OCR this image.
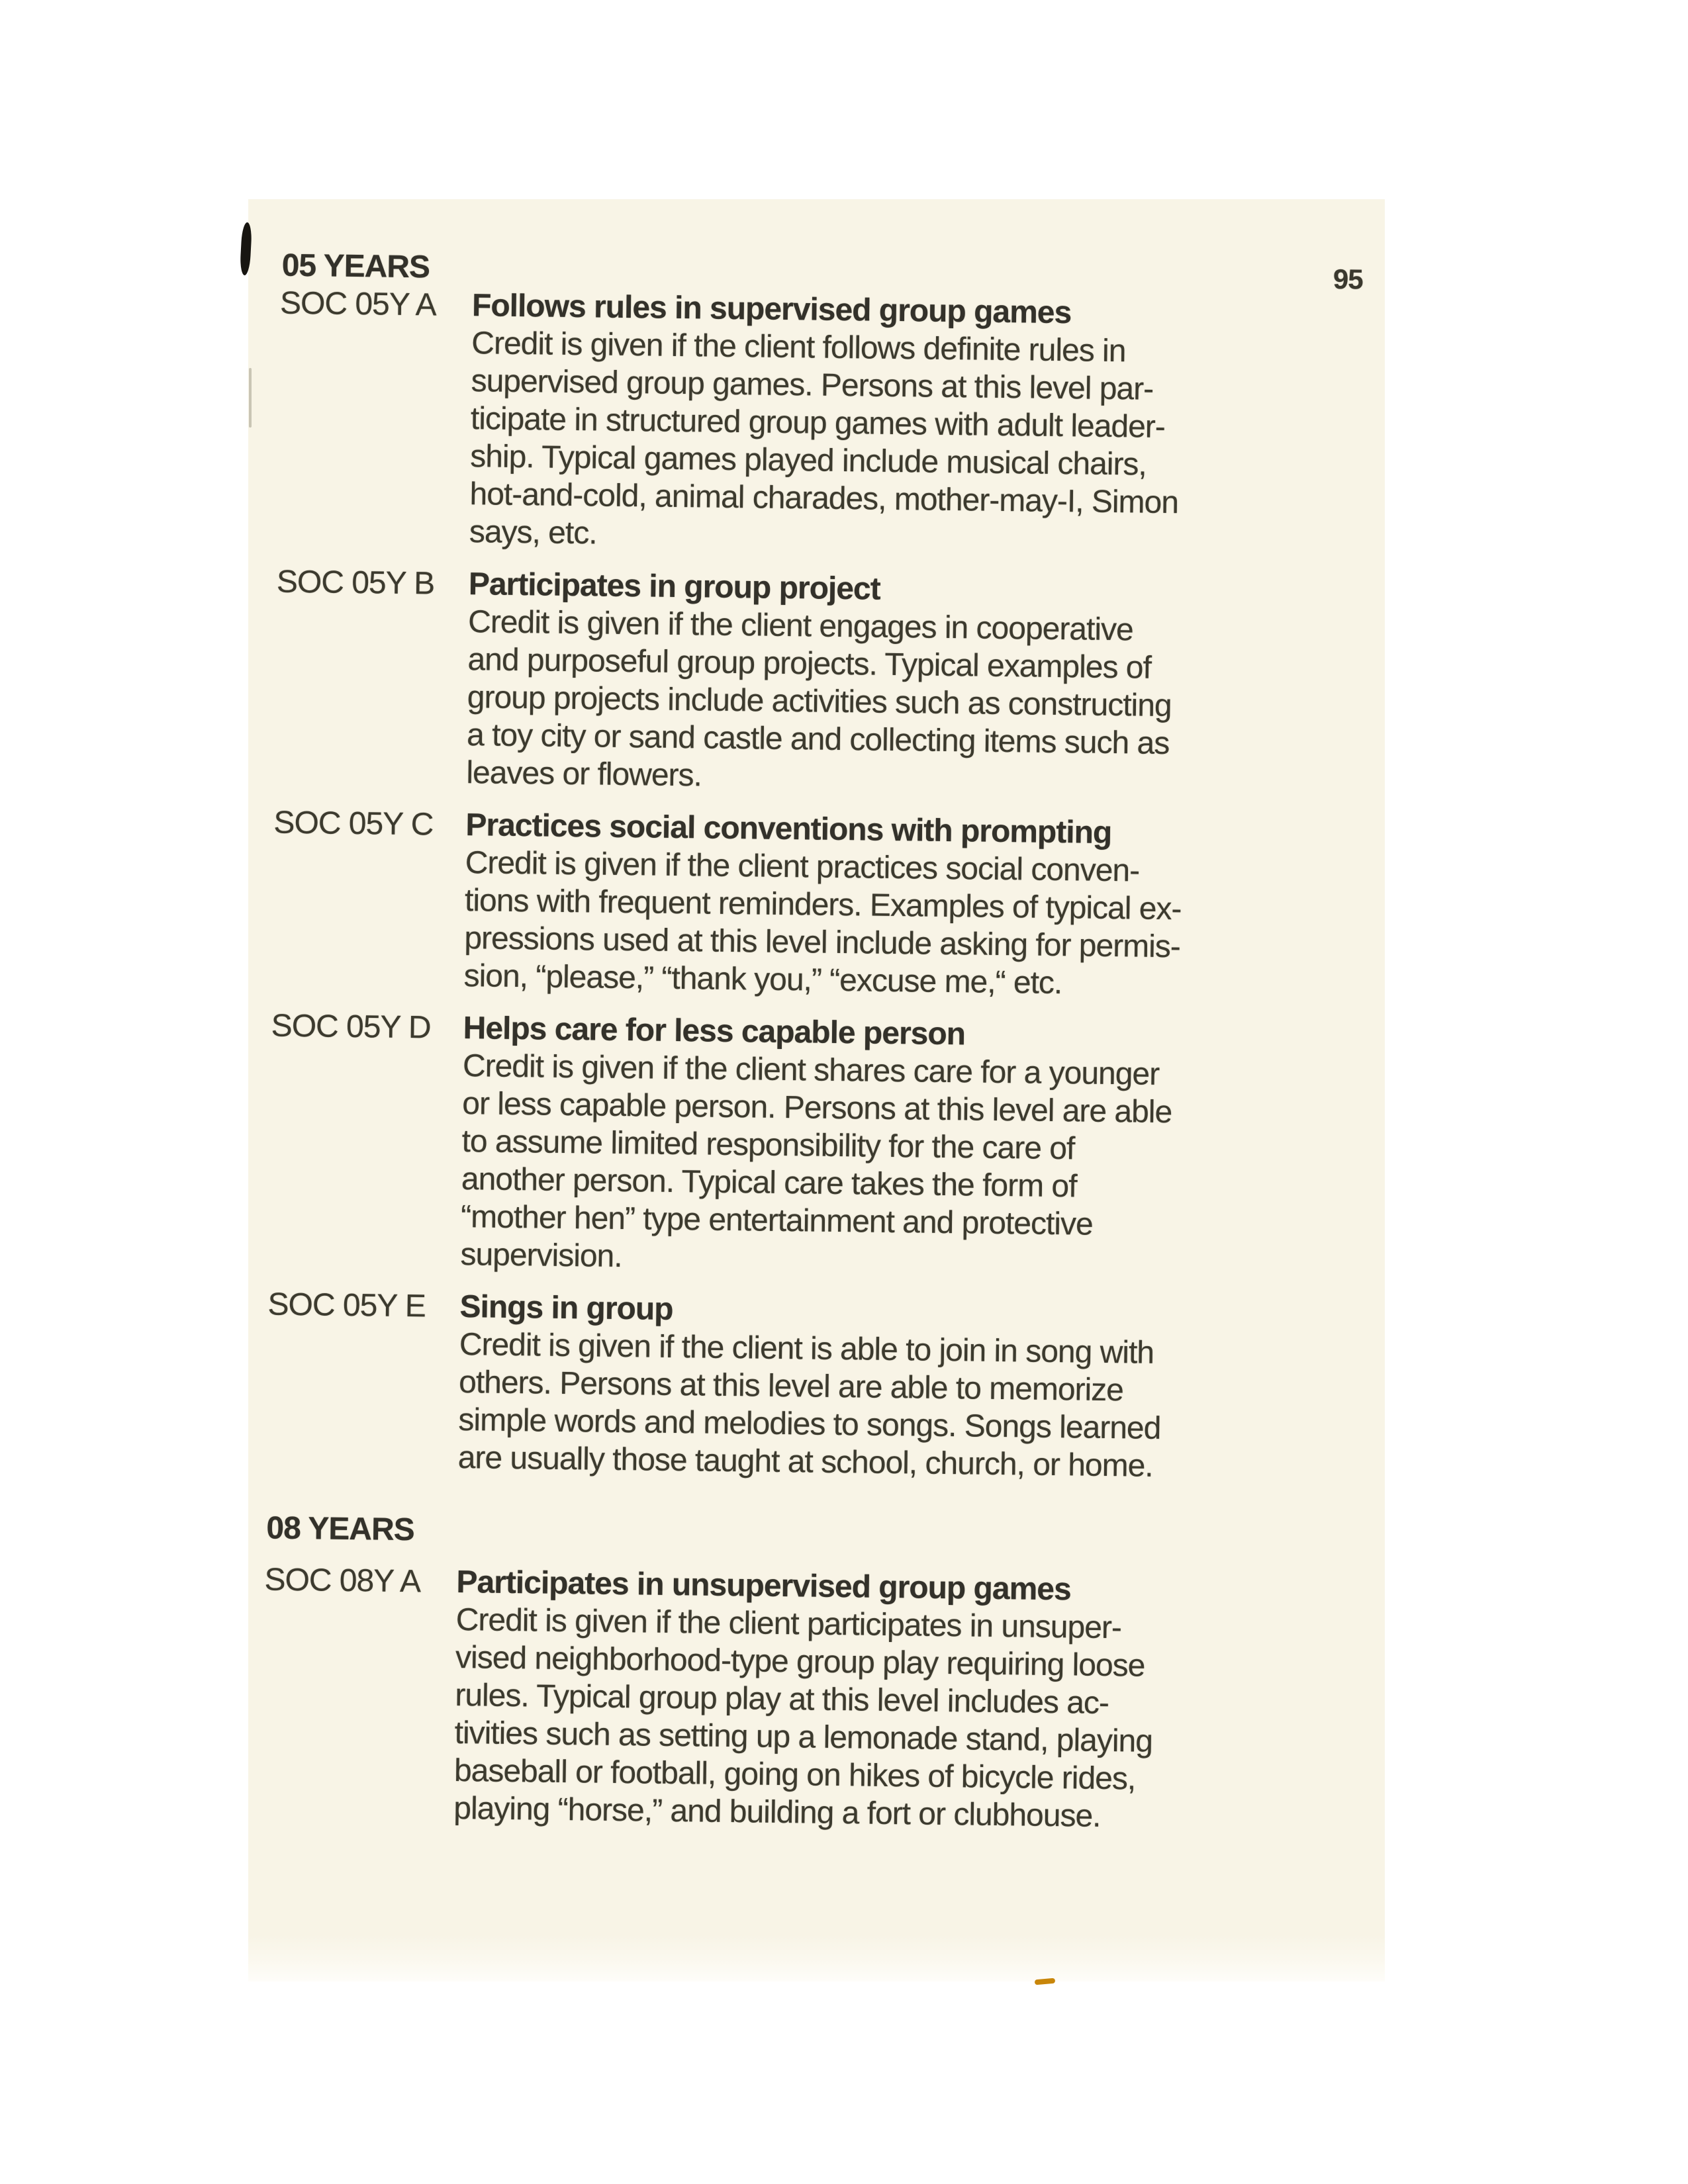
05 YEARS	95
SOC 05Y A	Follows rules in supervised group games
Credit is given if the client follows definite rules in
supervised group games. Persons at this level par-
ticipate in structured group games with adult leader-
ship. Typical games played include musical chairs,
hot-and-cold, animal charades, mother-may-I, Simon
says, etc.
SOC 05Y B	Participates in group project
Credit is given if the client engages in cooperative
and purposeful group projects. Typical examples of
group projects include activities such as constructing
a toy city or sand castle and collecting items such as
leaves or flowers.
SOC 05Y C	Practices social conventions with prompting
Credit is given if the client practices social conven-
tions with frequent reminders. Examples of typical ex-
pressions used at this level include asking for permis-
sion, “please,” “thank you,” “excuse me,“ etc.
SOC 05Y D	Helps care for less capable person
Credit is given if the client shares care for a younger
or less capable person. Persons at this level are able
to assume limited responsibility for the care of
another person. Typical care takes the form of
“mother hen” type entertainment and protective
supervision.
SOC 05Y E	Sings in group
Credit is given if the client is able to join in song with
others. Persons at this level are able to memorize
simple words and melodies to songs. Songs learned
are usually those taught at school, church, or home.
08 YEARS
SOC 08Y A	Participates in unsupervised group games
Credit is given if the client participates in unsuper-
vised neighborhood-type group play requiring loose
rules. Typical group play at this level includes ac-
tivities such as setting up a lemonade stand, playing
baseball or football, going on hikes of bicycle rides,
playing “horse,” and building a fort or clubhouse.
